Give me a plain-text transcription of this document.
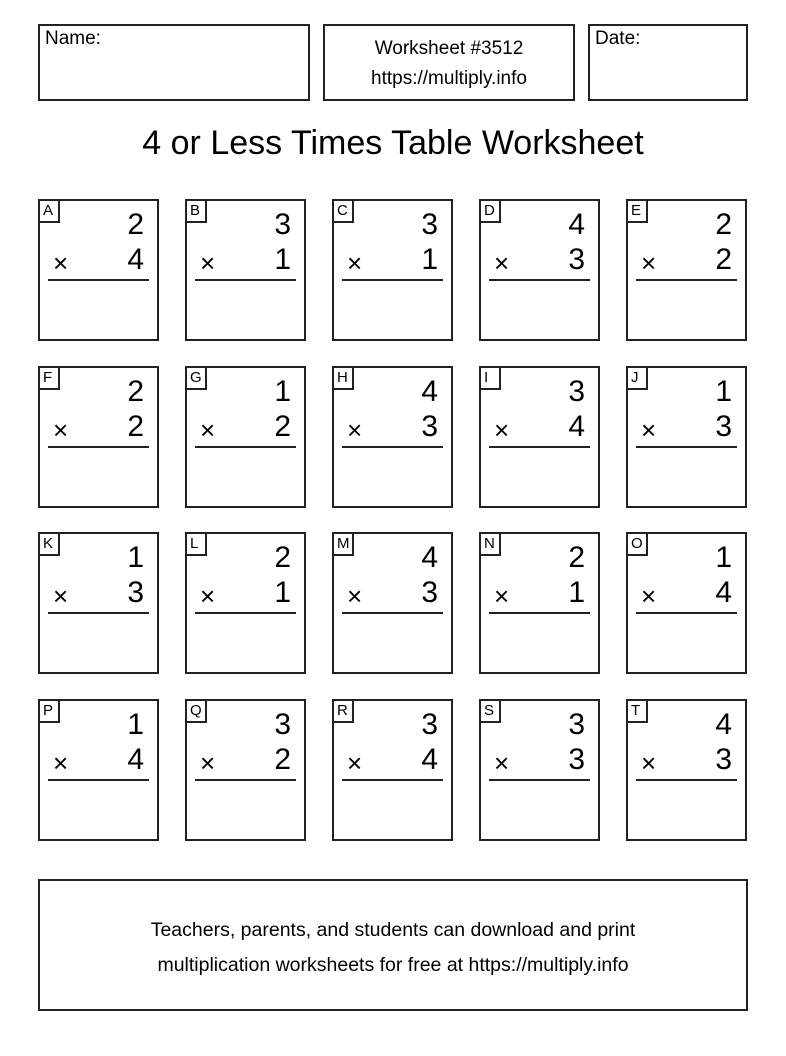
Name:	Worksheet #3512
https://multiply.info
Date:
4 or Less Times Table Worksheet
A 2
× 4
B 3
× 1
C 3
× 1
D 4
× 3
E 2
× 2
F	2
× 2
G 1
× 2
H 4
× 3
I	3
× 4
J	1
× 3
K 1
× 3
L	2
× 1
M 4
× 3
N 2
× 1
O 1
× 4
P 1
× 4
Q 3
× 2
R 3
× 4
S 3
× 3
T	4
× 3
Teachers, parents, and students can download and print
multiplication worksheets for free at https://multiply.info
